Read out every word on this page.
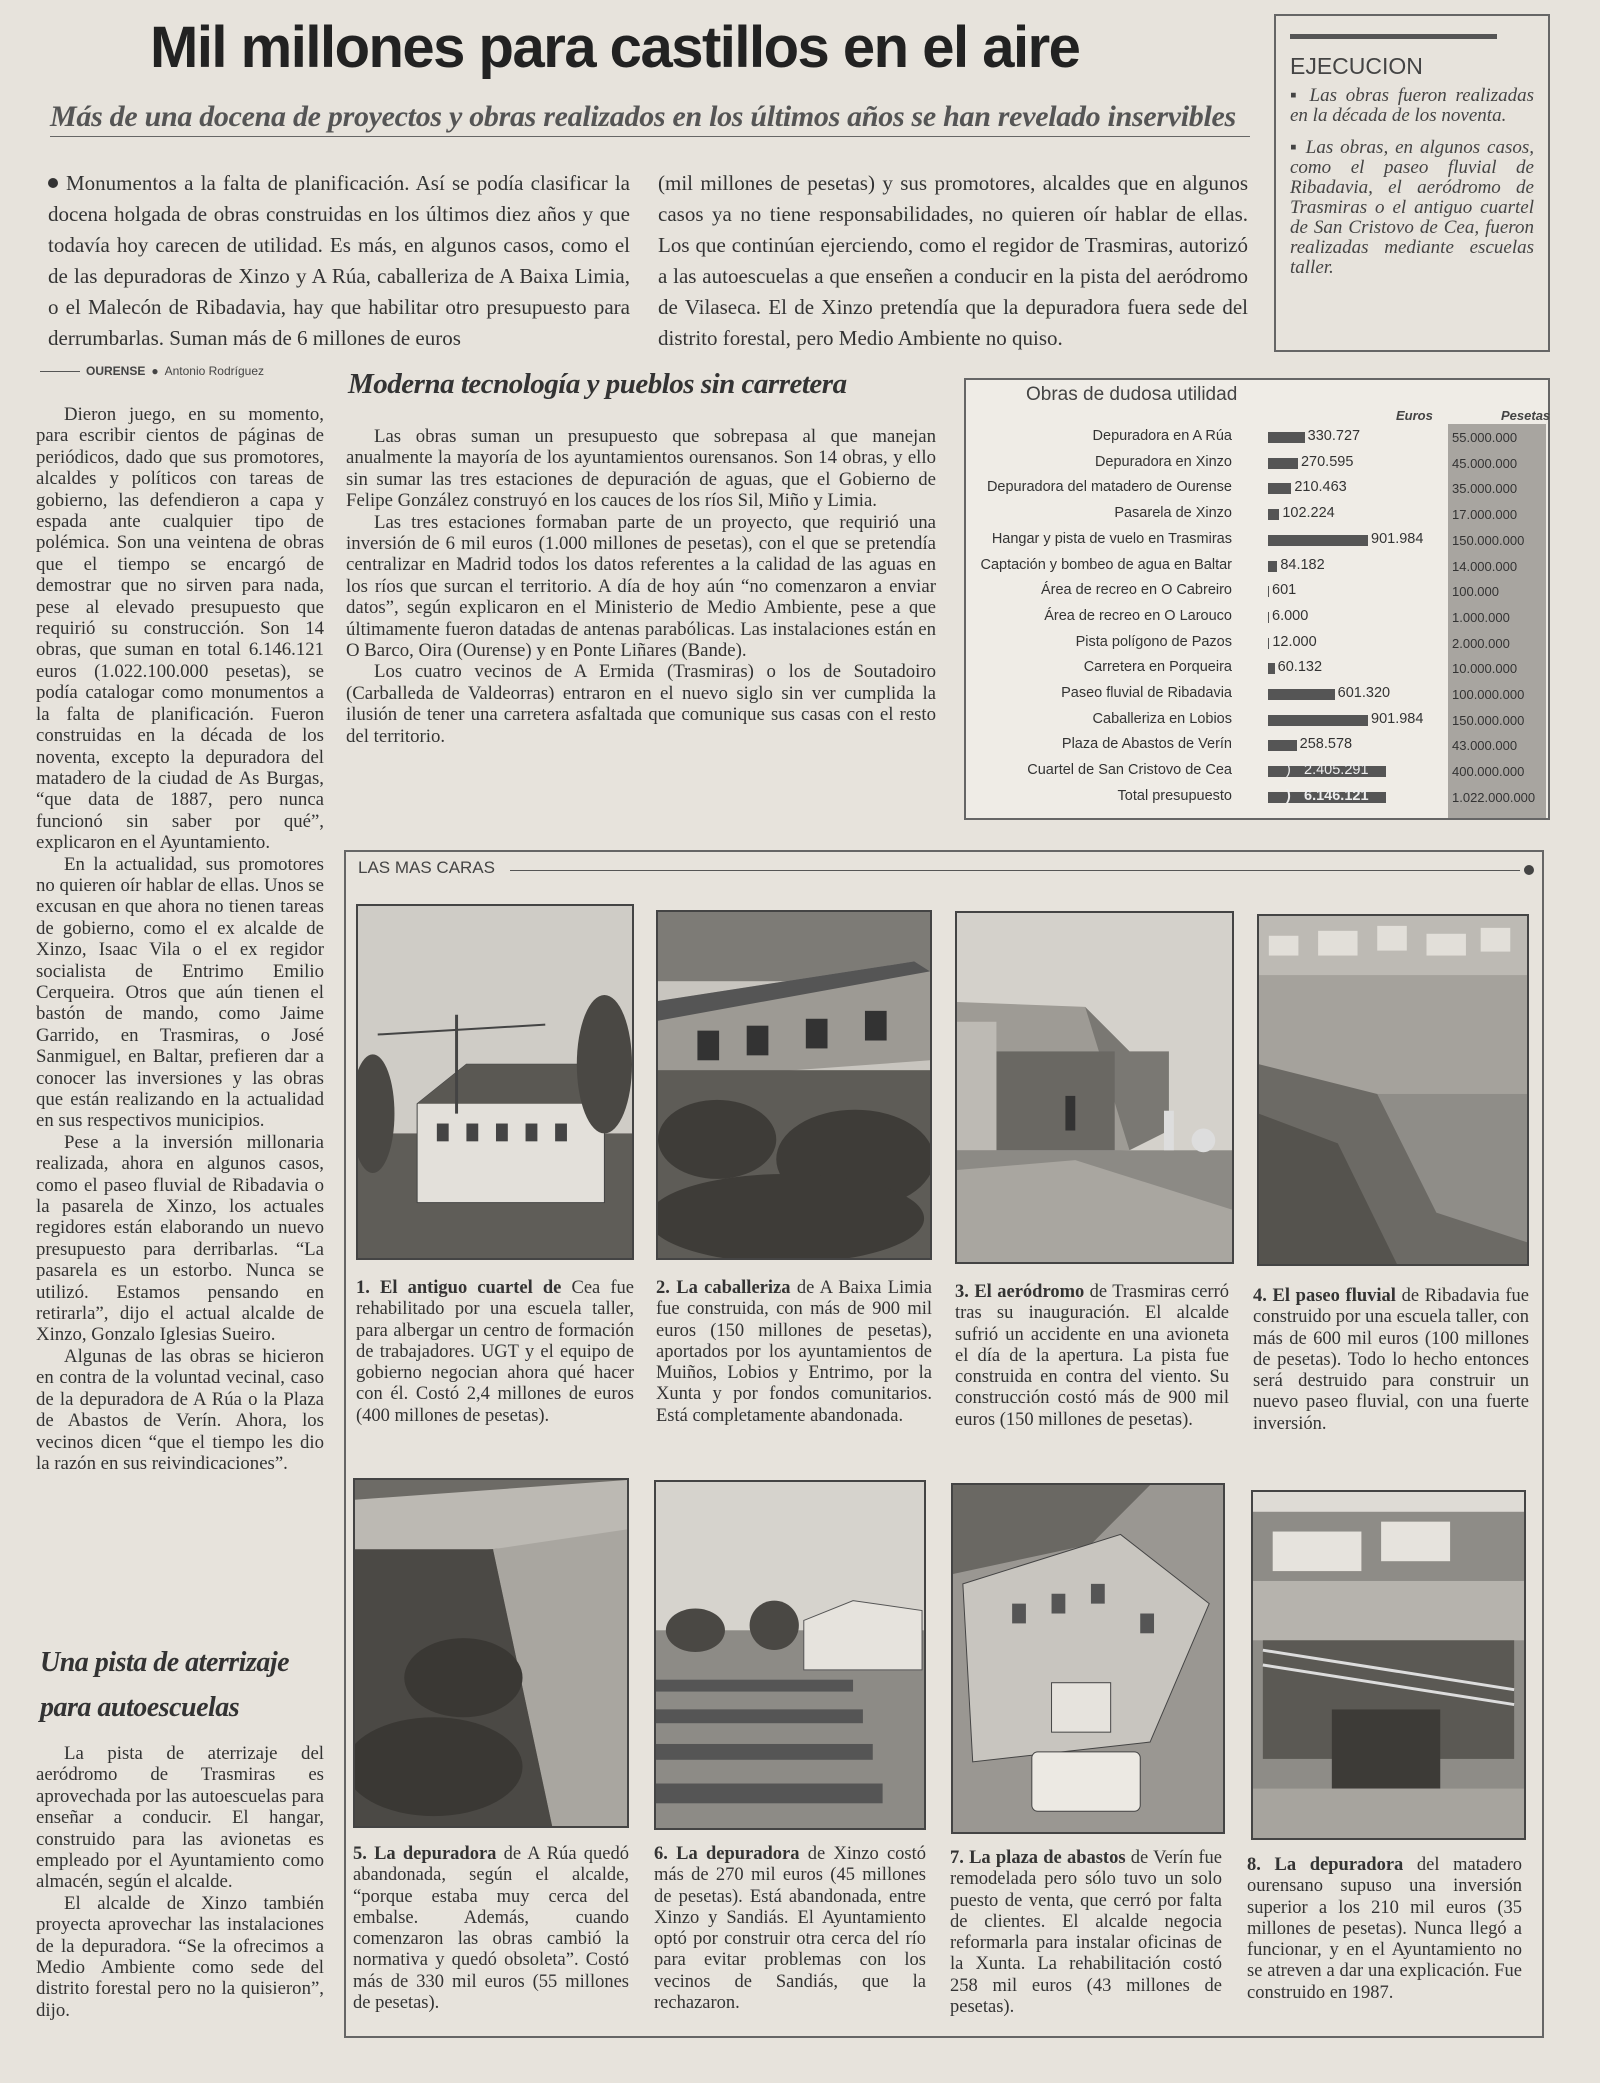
Mil millones para castillos en el aire
Más de una docena de proyectos y obras realizados en los últimos años se han revelado inservibles

Monumentos a la falta de planificación. Así se podía clasificar la docena holgada de obras construidas en los últimos diez años y que todavía hoy carecen de utilidad. Es más, en algunos casos, como el de las depuradoras de Xinzo y A Rúa, caballeriza de A Baixa Limia, o el Malecón de Ribadavia, hay que habilitar otro presupuesto para derrumbarlas. Suman más de 6 millones de euros

(mil millones de pesetas) y sus promotores, alcaldes que en algunos casos ya no tiene responsabilidades, no quieren oír hablar de ellas. Los que continúan ejerciendo, como el regidor de Trasmiras, autorizó a las autoescuelas a que enseñen a conducir en la pista del aeródromo de Vilaseca. El de Xinzo pretendía que la depuradora fuera sede del distrito forestal, pero Medio Ambiente no quiso.

EJECUCION

▪ Las obras fueron realizadas en la década de los noventa.

▪ Las obras, en algunos casos, como el paseo fluvial de Ribadavia, el aeródromo de Trasmiras o el antiguo cuartel de San Cristovo de Cea, fueron realizadas mediante escuelas taller.

OURENSE ● Antonio Rodríguez

Dieron juego, en su momento, para escribir cientos de páginas de periódicos, dado que sus promotores, alcaldes y políticos con tareas de gobierno, las defendieron a capa y espada ante cualquier tipo de polémica. Son una veintena de obras que el tiempo se encargó de demostrar que no sirven para nada, pese al elevado presupuesto que requirió su construcción. Son 14 obras, que suman en total 6.146.121 euros (1.022.100.000 pesetas), se podía catalogar como monumentos a la falta de planificación. Fueron construidas en la década de los noventa, excepto la depuradora del matadero de la ciudad de As Burgas, “que data de 1887, pero nunca funcionó sin saber por qué”, explicaron en el Ayuntamiento.

En la actualidad, sus promotores no quieren oír hablar de ellas. Unos se excusan en que ahora no tienen tareas de gobierno, como el ex alcalde de Xinzo, Isaac Vila o el ex regidor socialista de Entrimo Emilio Cerqueira. Otros que aún tienen el bastón de mando, como Jaime Garrido, en Trasmiras, o José Sanmiguel, en Baltar, prefieren dar a conocer las inversiones y las obras que están realizando en la actualidad en sus respectivos municipios.

Pese a la inversión millonaria realizada, ahora en algunos casos, como el paseo fluvial de Ribadavia o la pasarela de Xinzo, los actuales regidores están elaborando un nuevo presupuesto para derribarlas. “La pasarela es un estorbo. Nunca se utilizó. Estamos pensando en retirarla”, dijo el actual alcalde de Xinzo, Gonzalo Iglesias Sueiro.

Algunas de las obras se hicieron en contra de la voluntad vecinal, caso de la depuradora de A Rúa o la Plaza de Abastos de Verín. Ahora, los vecinos dicen “que el tiempo les dio la razón en sus reivindicaciones”.

Una pista de aterrizaje para autoescuelas

La pista de aterrizaje del aeródromo de Trasmiras es aprovechada por las autoescuelas para enseñar a conducir. El hangar, construido para las avionetas es empleado por el Ayuntamiento como almacén, según el alcalde.

El alcalde de Xinzo también proyecta aprovechar las instalaciones de la depuradora. “Se la ofrecimos a Medio Ambiente como sede del distrito forestal pero no la quisieron”, dijo.

Moderna tecnología y pueblos sin carretera

Las obras suman un presupuesto que sobrepasa al que manejan anualmente la mayoría de los ayuntamientos ourensanos. Son 14 obras, y ello sin sumar las tres estaciones de depuración de aguas, que el Gobierno de Felipe González construyó en los cauces de los ríos Sil, Miño y Limia.

Las tres estaciones formaban parte de un proyecto, que requirió una inversión de 6 mil euros (1.000 millones de pesetas), con el que se pretendía centralizar en Madrid todos los datos referentes a la calidad de las aguas en los ríos que surcan el territorio. A día de hoy aún “no comenzaron a enviar datos”, según explicaron en el Ministerio de Medio Ambiente, pese a que últimamente fueron datadas de antenas parabólicas. Las instalaciones están en O Barco, Oira (Ourense) y en Ponte Liñares (Bande).

Los cuatro vecinos de A Ermida (Trasmiras) o los de Soutadoiro (Carballeda de Valdeorras) entraron en el nuevo siglo sin ver cumplida la ilusión de tener una carretera asfaltada que comunique sus casas con el resto del territorio.

Obras de dudosa utilidad
Euros	Pesetas
Depuradora en A Rúa	330.727	55.000.000
Depuradora en Xinzo	270.595	45.000.000
Depuradora del matadero de Ourense	210.463	35.000.000
Pasarela de Xinzo	102.224	17.000.000
Hangar y pista de vuelo en Trasmiras	901.984 150.000.000
Captación y bombeo de agua en Baltar	84.182	14.000.000
Área de recreo en O Cabreiro	601	100.000
Área de recreo en O Larouco	6.000	1.000.000
Pista polígono de Pazos	12.000	2.000.000
Carretera en Porqueira	60.132	10.000.000
Paseo fluvial de Ribadavia	601.320	100.000.000
Caballeriza en Lobios	901.984 150.000.000
Plaza de Abastos de Verín	258.578	43.000.000
Cuartel de San Cristovo de Cea	) 2.405.291	400.000.000
Total presupuesto	) 6.146.121	1.022.000.000
LAS MAS CARAS

1. El antiguo cuartel de Cea fue rehabilitado por una escuela taller, para albergar un centro de formación de trabajadores. UGT y el equipo de gobierno negocian ahora qué hacer con él. Costó 2,4 millones de euros (400 millones de pesetas).

2. La caballeriza de A Baixa Limia fue construida, con más de 900 mil euros (150 millones de pesetas), aportados por los ayuntamientos de Muiños, Lobios y Entrimo, por la Xunta y por fondos comunitarios. Está completamente abandonada.

3. El aeródromo de Trasmiras cerró tras su inauguración. El alcalde sufrió un accidente en una avioneta el día de la apertura. La pista fue construida en contra del viento. Su construcción costó más de 900 mil euros (150 millones de pesetas).

4. El paseo fluvial de Ribadavia fue construido por una escuela taller, con más de 600 mil euros (100 millones de pesetas). Todo lo hecho entonces será destruido para construir un nuevo paseo fluvial, con una fuerte inversión.

5. La depuradora de A Rúa quedó abandonada, según el alcalde, “porque estaba muy cerca del embalse. Además, cuando comenzaron las obras cambió la normativa y quedó obsoleta”. Costó más de 330 mil euros (55 millones de pesetas).

6. La depuradora de Xinzo costó más de 270 mil euros (45 millones de pesetas). Está abandonada, entre Xinzo y Sandiás. El Ayuntamiento optó por construir otra cerca del río para evitar problemas con los vecinos de Sandiás, que la rechazaron.

7. La plaza de abastos de Verín fue remodelada pero sólo tuvo un solo puesto de venta, que cerró por falta de clientes. El alcalde negocia reformarla para instalar oficinas de la Xunta. La rehabilitación costó 258 mil euros (43 millones de pesetas).

8. La depuradora del matadero ourensano supuso una inversión superior a los 210 mil euros (35 millones de pesetas). Nunca llegó a funcionar, y en el Ayuntamiento no se atreven a dar una explicación. Fue construido en 1987.
